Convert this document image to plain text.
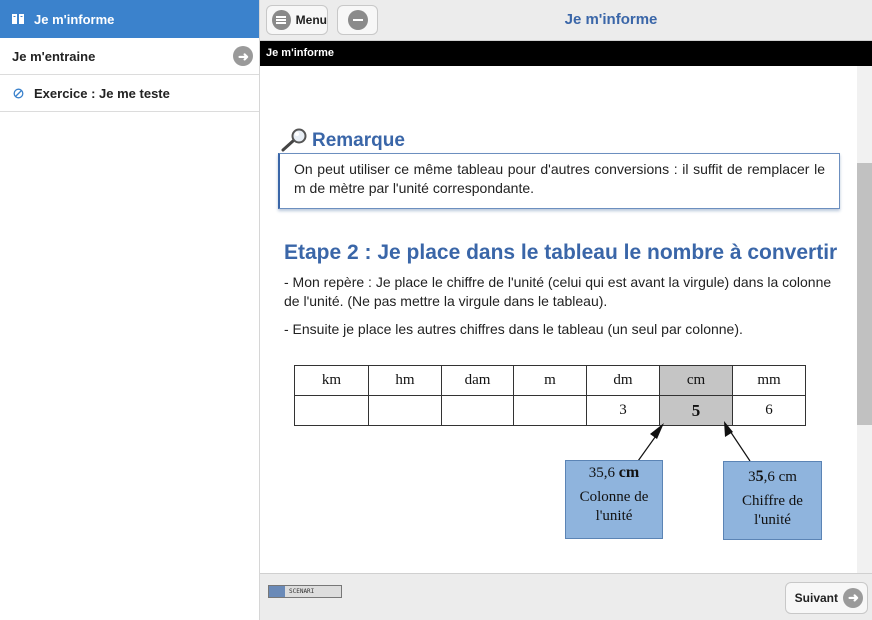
Je m'informe
Je m'entraine	➜
Exercice : Je me teste
Menu	Je m'informe
Je m'informe
Remarque
On peut utiliser ce même tableau pour d'autres conversions : il suffit de remplacer le m de mètre par l'unité correspondante.
Etape 2 : Je place dans le tableau le nombre à convertir
- Mon repère : Je place le chiffre de l'unité (celui qui est avant la virgule) dans la colonne de l'unité. (Ne pas mettre la virgule dans le tableau).
- Ensuite je place les autres chiffres dans le tableau (un seul par colonne).
km	hm	dam	m	dm	cm	mm
				3	5	6
35,6 cm
Colonne de
l'unité
35,6 cm
Chiffre de
l'unité
SCENARI	Suivant ➜
